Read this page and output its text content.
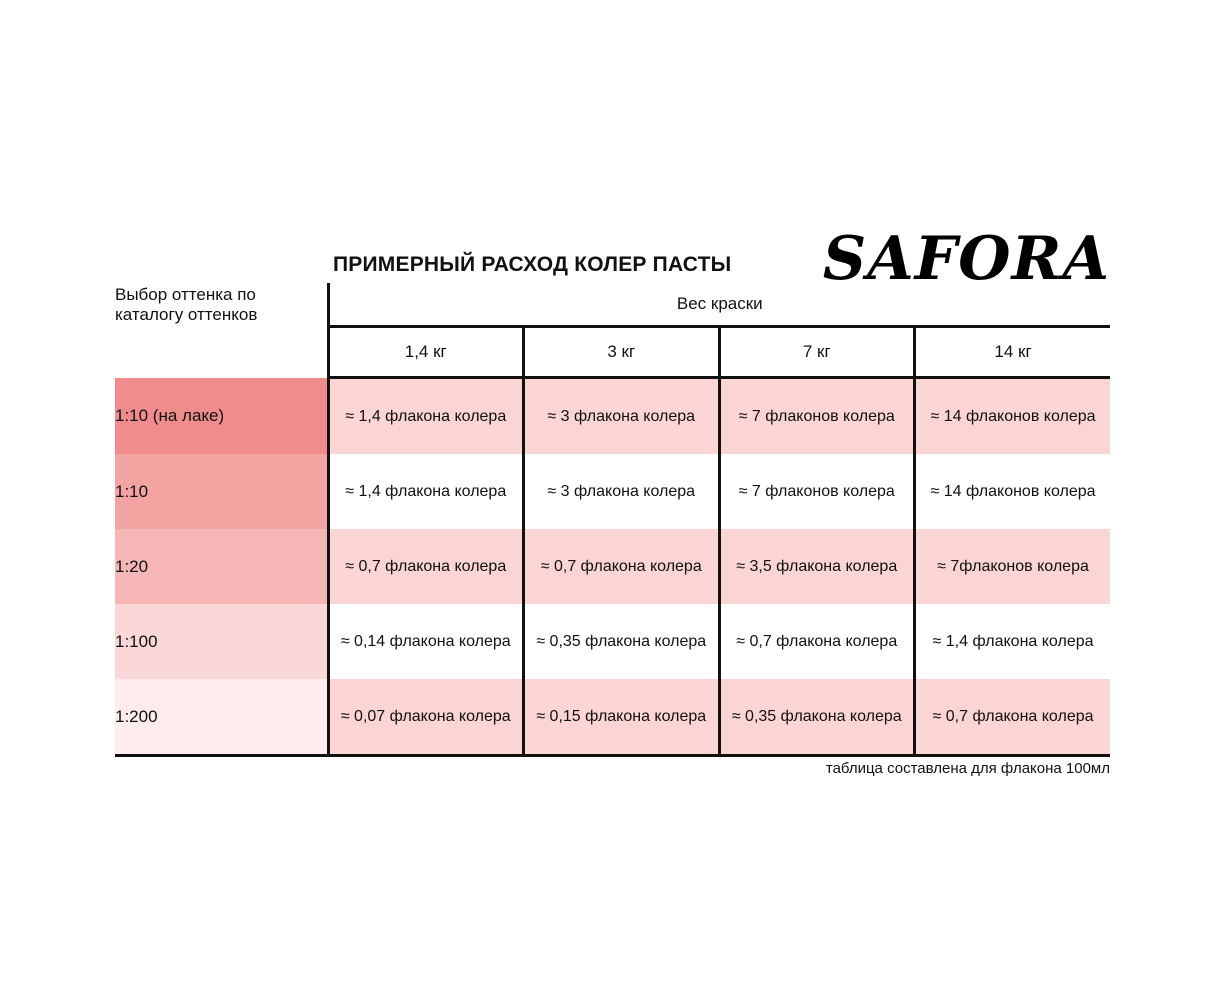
ПРИМЕРНЫЙ РАСХОД КОЛЕР ПАСТЫ SAFORA
Выбор оттенка по каталогу оттенков	Вес краски			
	1,4 кг	3 кг	7 кг	14 кг
1:10 (на лаке)	≈ 1,4 флакона колера	≈ 3 флакона колера	≈ 7 флаконов колера	≈ 14 флаконов колера
1:10	≈ 1,4 флакона колера	≈ 3 флакона колера	≈ 7 флаконов колера	≈ 14 флаконов колера
1:20	≈ 0,7 флакона колера	≈ 0,7 флакона колера	≈ 3,5 флакона колера	≈ 7флаконов колера
1:100	≈ 0,14 флакона колера	≈ 0,35 флакона колера	≈ 0,7 флакона колера	≈ 1,4 флакона колера
1:200	≈ 0,07 флакона колера	≈ 0,15 флакона колера	≈ 0,35 флакона колера	≈ 0,7 флакона колера
таблица составлена для флакона 100мл
